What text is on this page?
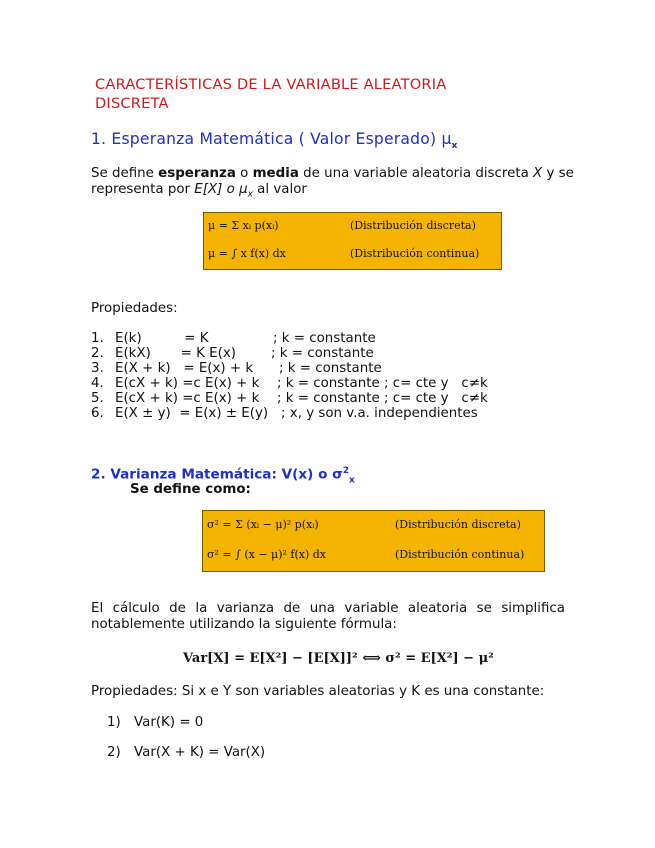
CARACTERÍSTICAS DE LA VARIABLE ALEATORIA
DISCRETA
1. Esperanza Matemática ( Valor Esperado) $\mu_x$
Se define esperanza o media de una variable aleatoria discreta X y se
representa por E[X] o $\mu_x$ al valor
μ = Σ xᵢ p(xᵢ)	(Distribución discreta)
μ = ∫ x f(x) dx	(Distribución continua)
Propiedades:
1. E(k)          = K	; k = constante
2. E(kX)       = K E(x)	; k = constante
3. E(X + k)   = E(x) + k ; k = constante
4. E(cX + k) =c E(x) + k ; k = constante ; c= cte y   c≠k
5. E(cX + k) =c E(x) + k ; k = constante ; c= cte y   c≠k
6. E(X ± y)  = E(x) ± E(y) ; x, y son v.a. independientes
2. Varianza Matemática: V(x) o $\sigma^2_x$
Se define como:
σ² = Σ (xᵢ − μ)² p(xᵢ)	(Distribución discreta)
σ² = ∫ (x − μ)² f(x) dx	(Distribución continua)
El cálculo de la varianza de una variable aleatoria se simplifica notablemente utilizando la siguiente fórmula:
Var[X] = E[X²] − [E[X]]² ⟺ σ² = E[X²] − μ²
Propiedades: Si x e Y son variables aleatorias y K es una constante:
1) Var(K) = 0
2) Var(X + K) = Var(X)
